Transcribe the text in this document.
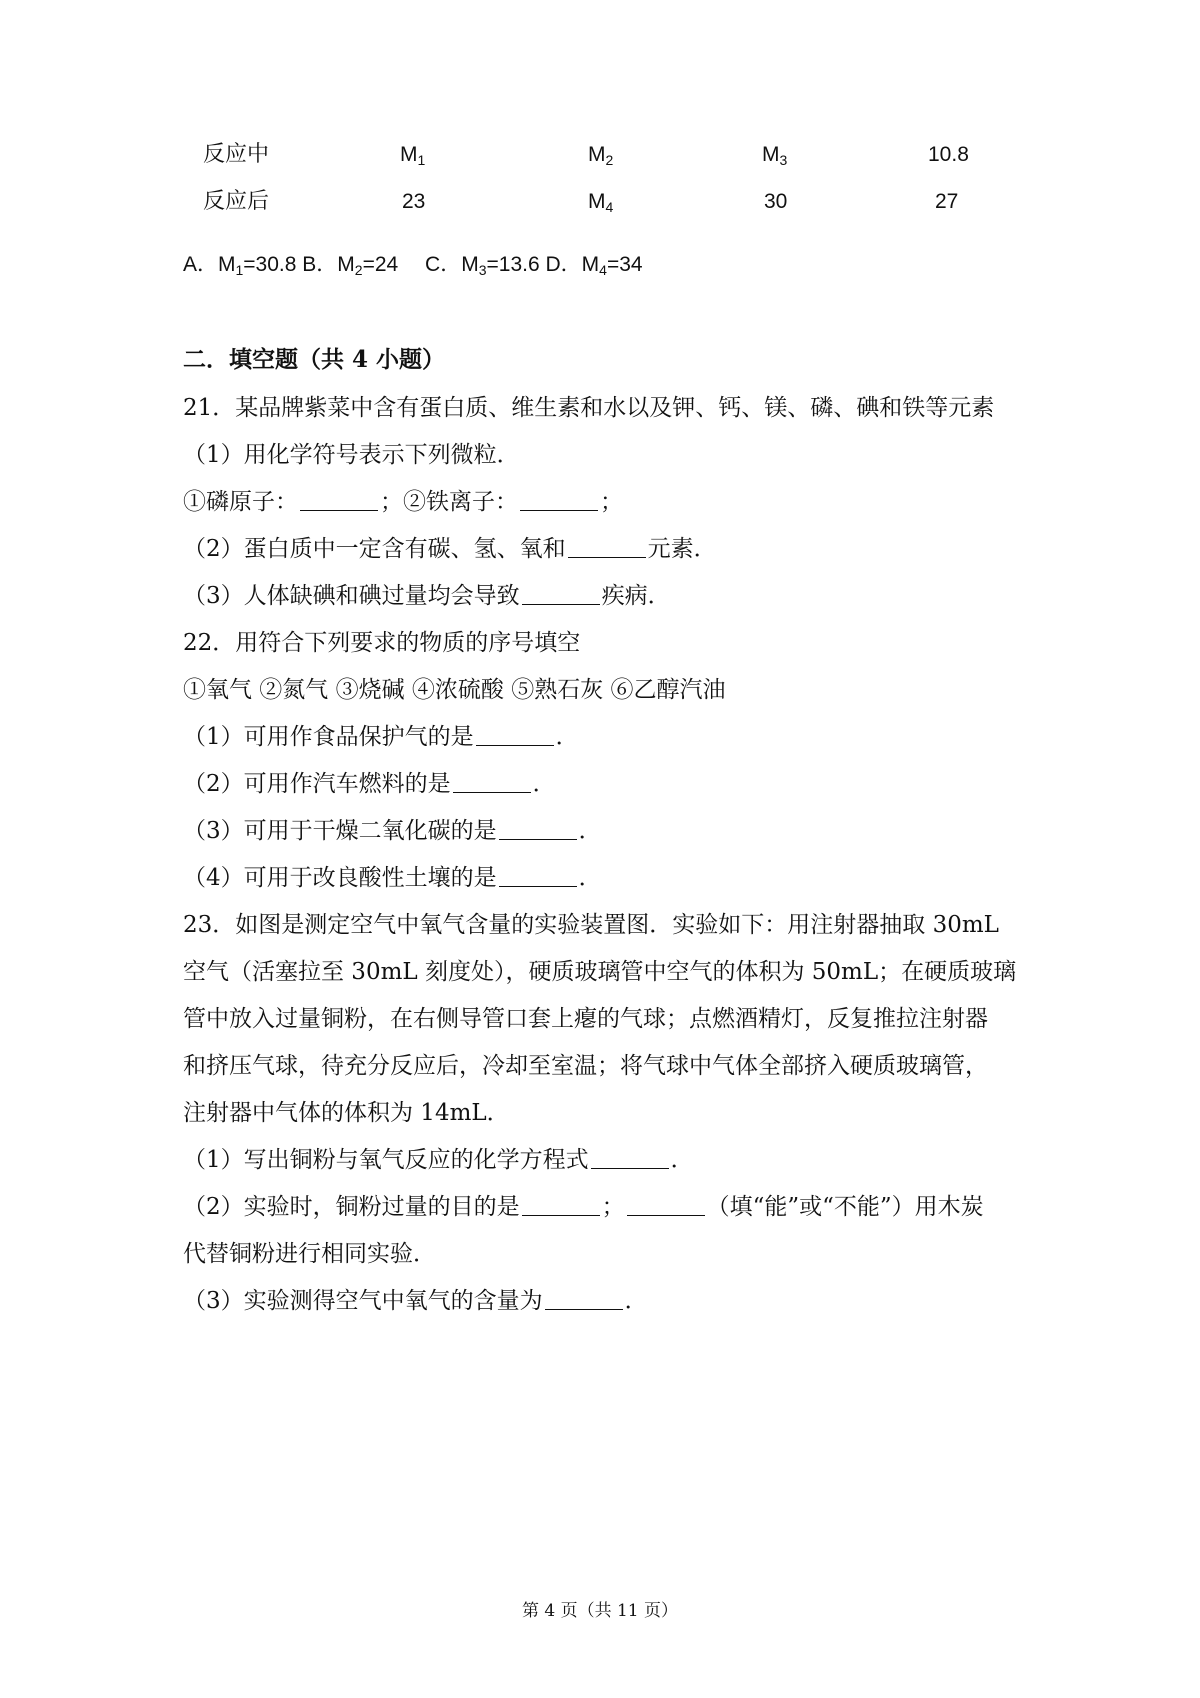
反应中	$M_1$	$M_2$	$M_3$	10.8
反应后	23	$M_4$	30	27
A．$M_1=30.8$ B．$M_2=24$　 C．$M_3=13.6$ D．$M_4=34$
二．填空题（共 4 小题）
21．某品牌紫菜中含有蛋白质、维生素和水以及钾、钙、镁、磷、碘和铁等元素
（1）用化学符号表示下列微粒．
①磷原子：	；②铁离子：	；
（2）蛋白质中一定含有碳、氢、氧和	元素．
（3）人体缺碘和碘过量均会导致	疾病．
22．用符合下列要求的物质的序号填空
①氧气 ②氮气 ③烧碱 ④浓硫酸 ⑤熟石灰 ⑥乙醇汽油
（1）可用作食品保护气的是	．
（2）可用作汽车燃料的是	．
（3）可用于干燥二氧化碳的是	．
（4）可用于改良酸性土壤的是	．
23．如图是测定空气中氧气含量的实验装置图．实验如下：用注射器抽取 30mL
空气（活塞拉至 30mL 刻度处），硬质玻璃管中空气的体积为 50mL；在硬质玻璃
管中放入过量铜粉，在右侧导管口套上瘪的气球；点燃酒精灯，反复推拉注射器
和挤压气球，待充分反应后，冷却至室温；将气球中气体全部挤入硬质玻璃管，
注射器中气体的体积为 14mL．
（1）写出铜粉与氧气反应的化学方程式	．
（2）实验时，铜粉过量的目的是	；	（填“能”或“不能”）用木炭
代替铜粉进行相同实验．
（3）实验测得空气中氧气的含量为	．
第 4 页（共 11 页）
